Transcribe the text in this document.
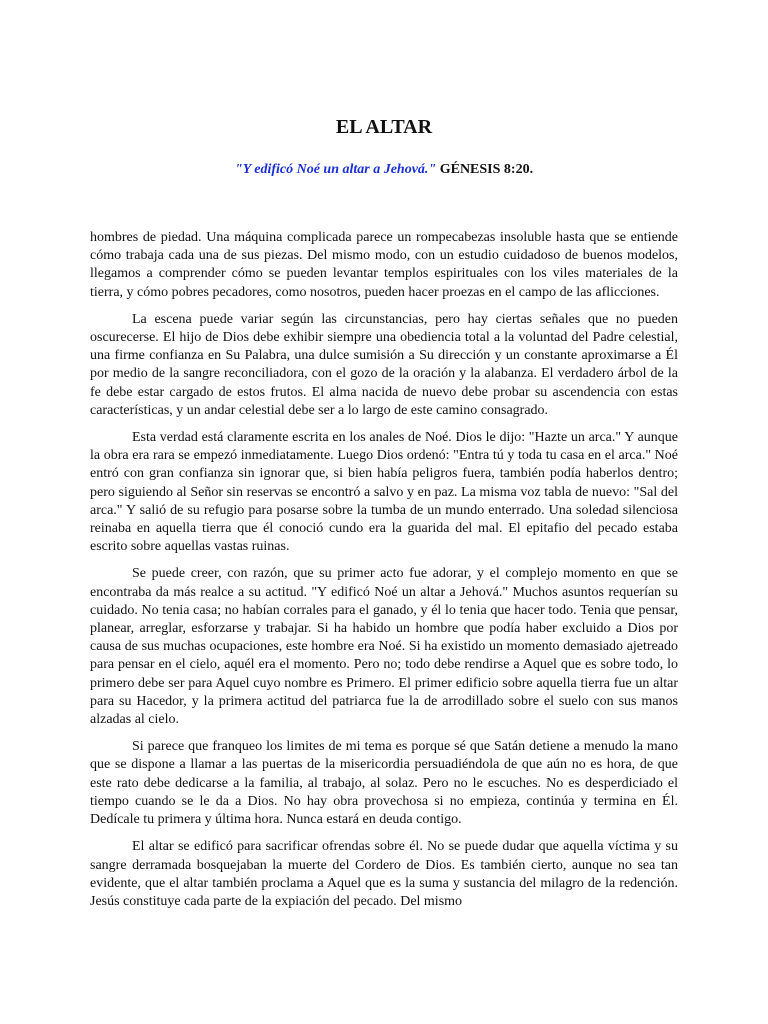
EL ALTAR
"Y edificó Noé un altar a Jehová." GÉNESIS 8:20.

hombres de piedad. Una máquina complicada parece un rompecabezas insoluble hasta que se entiende cómo trabaja cada una de sus piezas. Del mismo modo, con un estudio cuidadoso de buenos modelos, llegamos a comprender cómo se pueden levantar templos espirituales con los viles materiales de la tierra, y cómo pobres pecadores, como nosotros, pueden hacer proezas en el campo de las aflicciones.

La escena puede variar según las circunstancias, pero hay ciertas señales que no pueden oscurecerse. El hijo de Dios debe exhibir siempre una obediencia total a la voluntad del Padre celestial, una firme confianza en Su Palabra, una dulce sumisión a Su dirección y un constante aproximarse a Él por medio de la sangre reconciliadora, con el gozo de la oración y la alabanza. El verdadero árbol de la fe debe estar cargado de estos frutos. El alma nacida de nuevo debe probar su ascendencia con estas características, y un andar celestial debe ser a lo largo de este camino consagrado.

Esta verdad está claramente escrita en los anales de Noé. Dios le dijo: "Hazte un arca." Y aunque la obra era rara se empezó inmediatamente. Luego Dios ordenó: "Entra tú y toda tu casa en el arca." Noé entró con gran confianza sin ignorar que, si bien había peligros fuera, también podía haberlos dentro; pero siguiendo al Señor sin reservas se encontró a salvo y en paz. La misma voz tabla de nuevo: "Sal del arca." Y salió de su refugio para posarse sobre la tumba de un mundo enterrado. Una soledad silenciosa reinaba en aquella tierra que él conoció cundo era la guarida del mal. El epitafio del pecado estaba escrito sobre aquellas vastas ruinas.

Se puede creer, con razón, que su primer acto fue adorar, y el complejo momento en que se encontraba da más realce a su actitud. "Y edificó Noé un altar a Jehová." Muchos asuntos requerían su cuidado. No tenia casa; no habían corrales para el ganado, y él lo tenia que hacer todo. Tenia que pensar, planear, arreglar, esforzarse y trabajar. Si ha habido un hombre que podía haber excluido a Dios por causa de sus muchas ocupaciones, este hombre era Noé. Si ha existido un momento demasiado ajetreado para pensar en el cielo, aquél era el momento. Pero no; todo debe rendirse a Aquel que es sobre todo, lo primero debe ser para Aquel cuyo nombre es Primero. El primer edificio sobre aquella tierra fue un altar para su Hacedor, y la primera actitud del patriarca fue la de arrodillado sobre el suelo con sus manos alzadas al cielo.

Si parece que franqueo los limites de mi tema es porque sé que Satán detiene a menudo la mano que se dispone a llamar a las puertas de la misericordia persuadiéndola de que aún no es hora, de que este rato debe dedicarse a la familia, al trabajo, al solaz. Pero no le escuches. No es desperdiciado el tiempo cuando se le da a Dios. No hay obra provechosa si no empieza, continúa y termina en Él. Dedícale tu primera y última hora. Nunca estará en deuda contigo.

El altar se edificó para sacrificar ofrendas sobre él. No se puede dudar que aquella víctima y su sangre derramada bosquejaban la muerte del Cordero de Dios. Es también cierto, aunque no sea tan evidente, que el altar también proclama a Aquel que es la suma y sustancia del milagro de la redención. Jesús constituye cada parte de la expiación del pecado. Del mismo
